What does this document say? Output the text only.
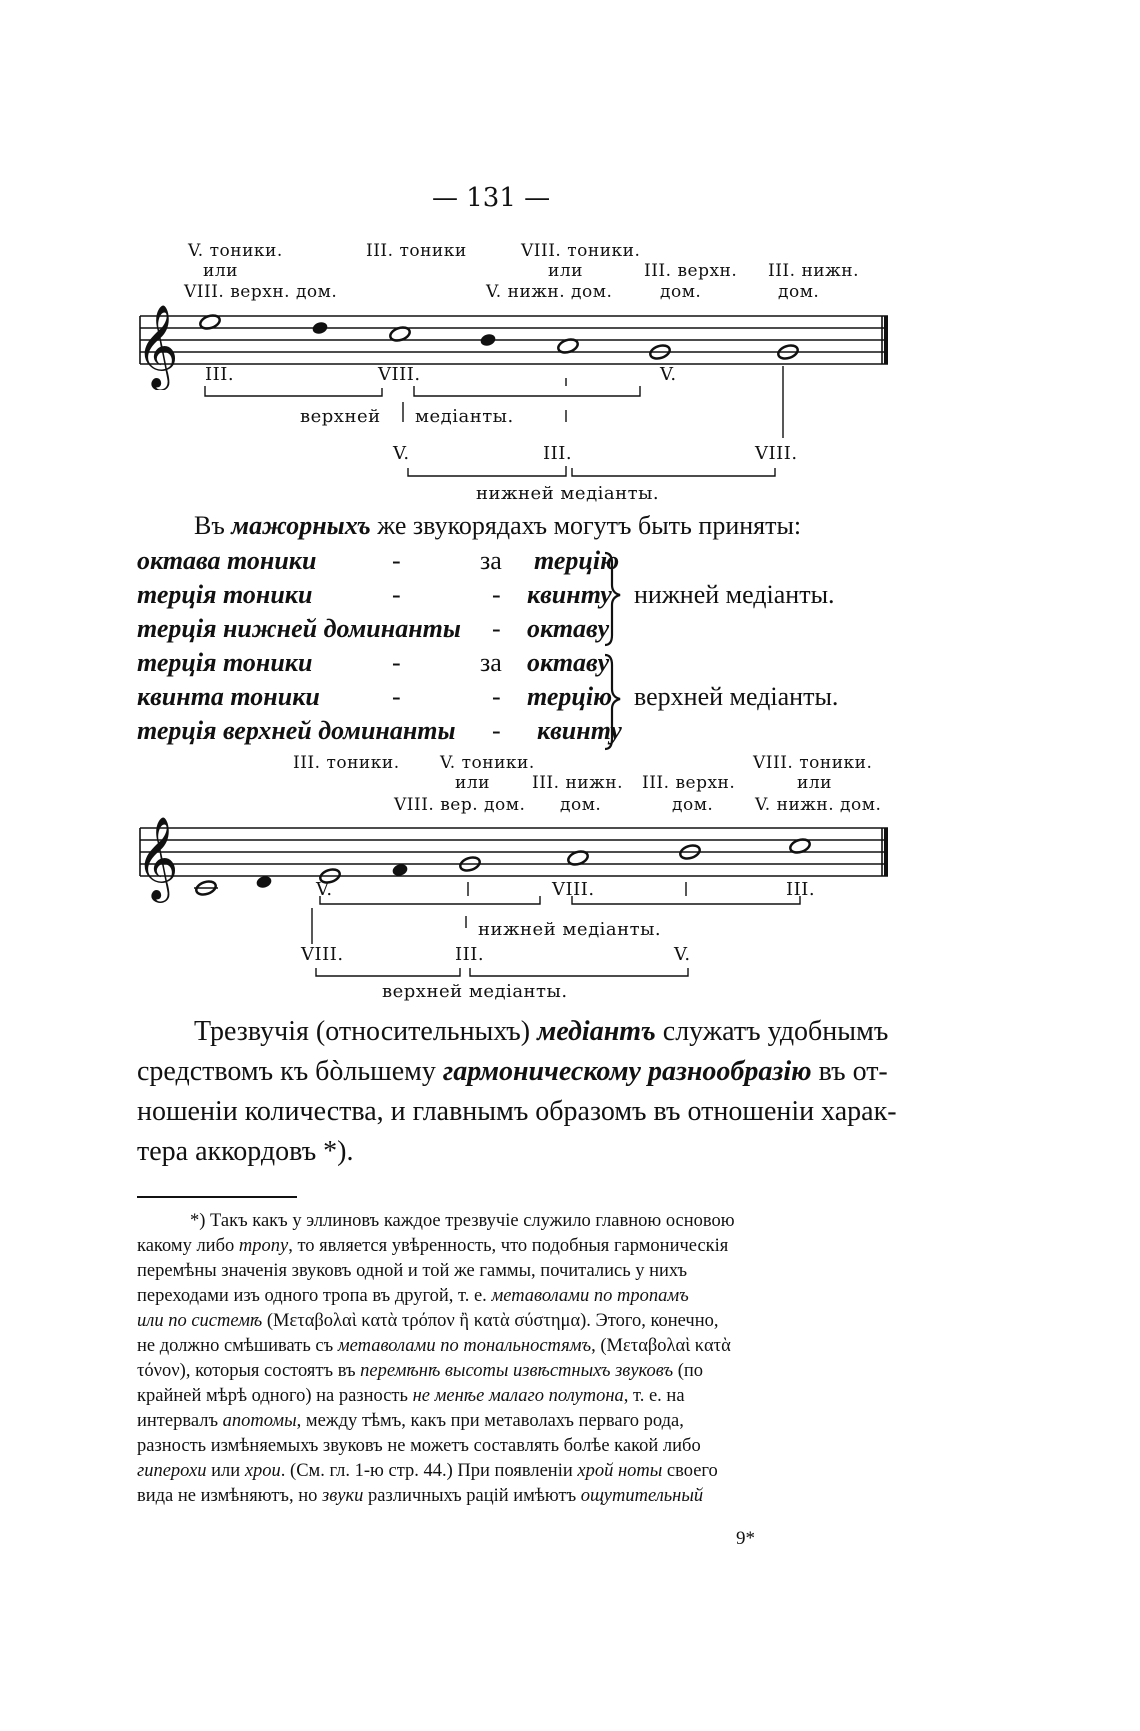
— 131 —
V. тоники.
или
VIII. верхн. дом.
III. тоники	VIII. тоники.
или
V. нижн. дом.
III. верхн.
дом.
III. нижн.
дом.
𝄞 III.	VIII.	V.
верхней медіанты.
V.	III.	VIII.
нижней медіанты.
Въ мажорныхъ же звукорядахъ могутъ быть приняты:
октава тоники	-	за терцію
терція тоники	-	- квинту
терція нижней доминанты - октаву
терція тоники	-	за октаву
квинта тоники	-	- терцію
терція верхней доминанты - квинту
нижней медіанты.
верхней медіанты.
III. тоники. V. тоники.
или
VIII. вер. дом.
III. нижн.
дом.
III. верхн.
дом.
VIII. тоники.
или
V. нижн. дом.
𝄞	V.	VIII.	III.
нижней медіанты.
VIII.	III.	V.
верхней медіанты.
Трезвучія (относительныхъ) медіантъ служатъ удобнымъ
средствомъ къ бòльшему гармоническому разнообразію въ от-
ношеніи количества, и главнымъ образомъ въ отношеніи харак-
тера аккордовъ *).
*) Такъ какъ у эллиновъ каждое трезвучіе служило главною основою
какому либо тропу, то является увѣренность, что подобныя гармоническія
перемѣны значенія звуковъ одной и той же гаммы, почитались у нихъ
переходами изъ одного тропа въ другой, т. е. метаволами по тропамъ
или по системѣ (Μεταβολαὶ κατὰ τρόπον ἢ κατὰ σύστημα). Этого, конечно,
не должно смѣшивать съ метаволами по тональностямъ, (Μεταβολαὶ κατὰ
τόνον), которыя состоятъ въ перемѣнѣ высоты извѣстныхъ звуковъ (по
крайней мѣрѣ одного) на разность не менѣе малаго полутона, т. е. на
интервалъ апотомы, между тѣмъ, какъ при метаволахъ перваго рода,
разность измѣняемыхъ звуковъ не можетъ составлять болѣе какой либо
гиперохи или хрои. (См. гл. 1-ю стр. 44.) При появленіи хрой ноты своего
вида не измѣняютъ, но звуки различныхъ рацій имѣютъ ощутительный
9*
